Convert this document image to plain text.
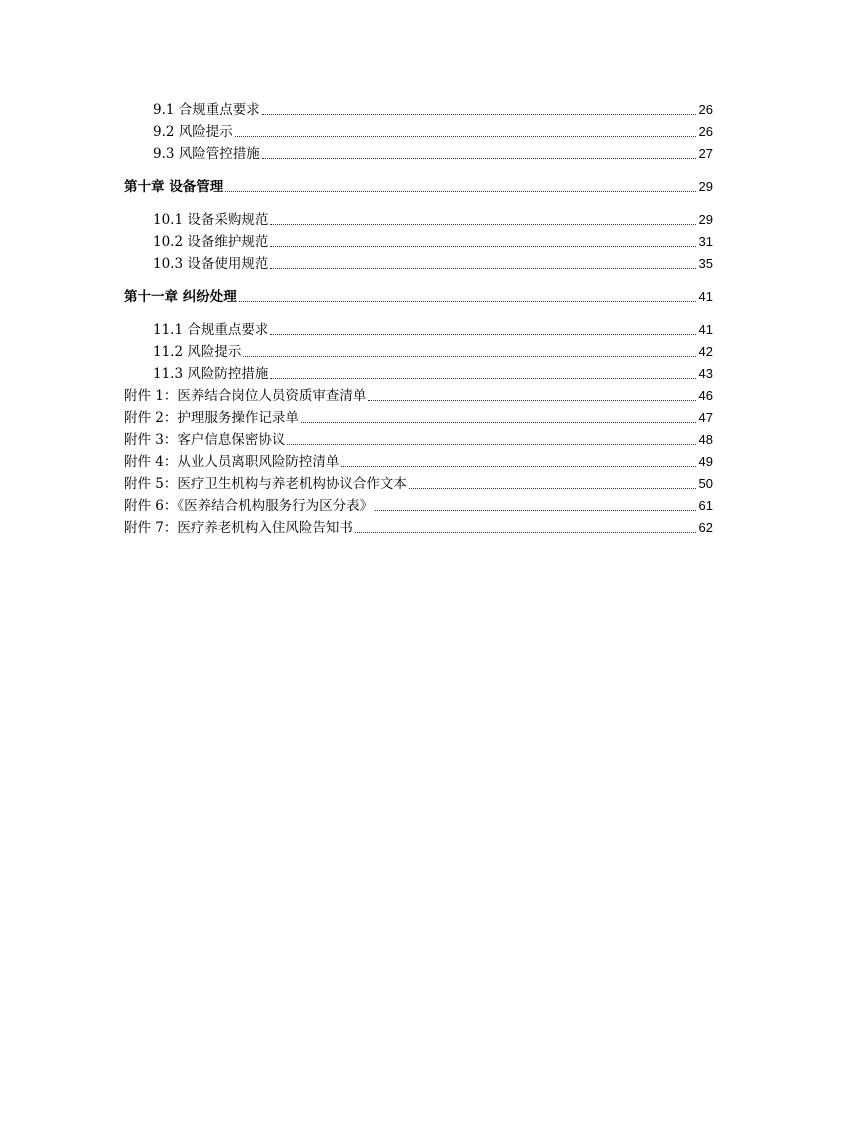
9.1 合规重点要求	26
9.2 风险提示	26
9.3 风险管控措施	27
第十章 设备管理	29
10.1 设备采购规范	29
10.2 设备维护规范	31
10.3 设备使用规范	35
第十一章 纠纷处理	41
11.1 合规重点要求	41
11.2 风险提示	42
11.3 风险防控措施	43
附件 1：医养结合岗位人员资质审查清单	46
附件 2：护理服务操作记录单	47
附件 3：客户信息保密协议	48
附件 4：从业人员离职风险防控清单	49
附件 5：医疗卫生机构与养老机构协议合作文本	50
附件 6：《医养结合机构服务行为区分表》	61
附件 7：医疗养老机构入住风险告知书	62
